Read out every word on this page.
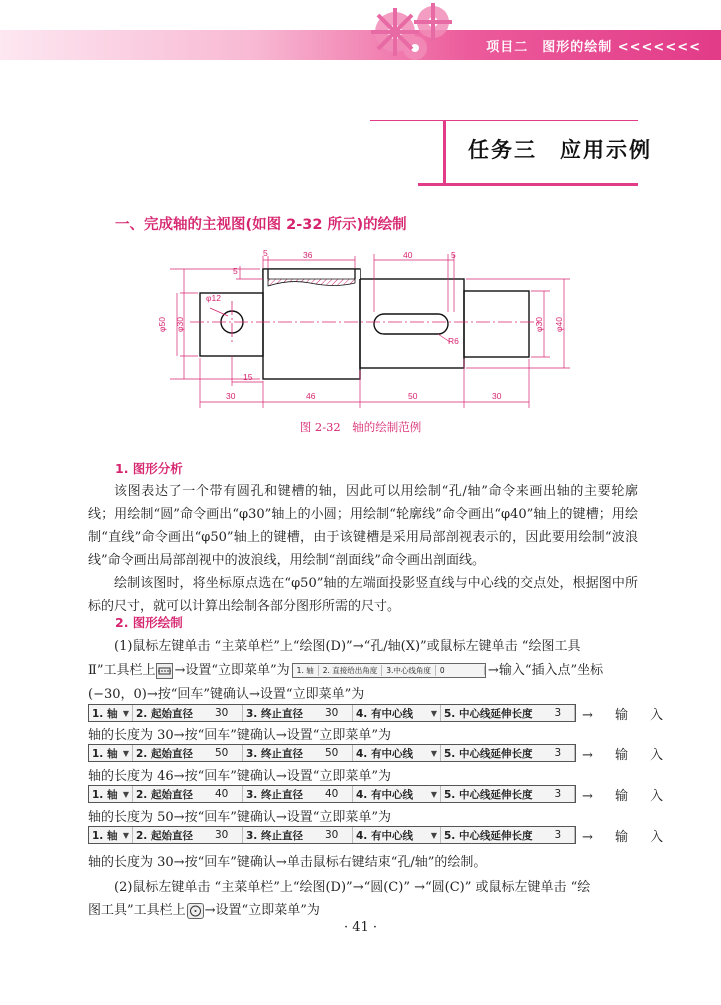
项目二　图形的绘制 <<<<<<<
任务三　应用示例
一、完成轴的主视图(如图 2-32 所示)的绘制
5	36	40	5
5
φ12
φ50 φ30	φ30 φ40
R6
15
30	46	50	30
图 2-32　轴的绘制范例
1. 图形分析

该图表达了一个带有圆孔和键槽的轴，因此可以用绘制“孔/轴”命令来画出轴的主要轮廓线；用绘制“圆”命令画出“φ30”轴上的小圆；用绘制“轮廓线”命令画出“φ40”轴上的键槽；用绘制“直线”命令画出“φ50”轴上的键槽，由于该键槽是采用局部剖视表示的，因此要用绘制“波浪线”命令画出局部剖视中的波浪线，用绘制“剖面线”命令画出剖面线。

绘制该图时，将坐标原点选在“φ50”轴的左端面投影竖直线与中心线的交点处，根据图中所标的尺寸，就可以计算出绘制各部分图形所需的尺寸。

2. 图形绘制
(1)鼠标左键单击 “主菜单栏”上“绘图(D)”→“孔/轴(X)”或鼠标左键单击 “绘图工具
Ⅱ”工具栏上 →设置“立即菜单”为 1. 轴	2. 直接给出角度	3.中心线角度	0	→输入“插入点”坐标
(−30，0)→按“回车”键确认→设置“立即菜单”为
1. 轴 ▼ 2. 起始直径 30 3. 终止直径 30 4. 有中心线 ▼ 5. 中心线延伸长度 3 → 输 入
轴的长度为 30→按“回车”键确认→设置“立即菜单”为
1. 轴 ▼ 2. 起始直径 50 3. 终止直径 50 4. 有中心线 ▼ 5. 中心线延伸长度 3 → 输 入
轴的长度为 46→按“回车”键确认→设置“立即菜单”为
1. 轴 ▼ 2. 起始直径 40 3. 终止直径 40 4. 有中心线 ▼ 5. 中心线延伸长度 3 → 输 入
轴的长度为 50→按“回车”键确认→设置“立即菜单”为
1. 轴 ▼ 2. 起始直径 30 3. 终止直径 30 4. 有中心线 ▼ 5. 中心线延伸长度 3 → 输 入
轴的长度为 30→按“回车”键确认→单击鼠标右键结束“孔/轴”的绘制。
(2)鼠标左键单击 “主菜单栏”上“绘图(D)”→“圆(C)” →“圆(C)” 或鼠标左键单击 “绘
图工具”工具栏上 →设置“立即菜单”为
· 41 ·
